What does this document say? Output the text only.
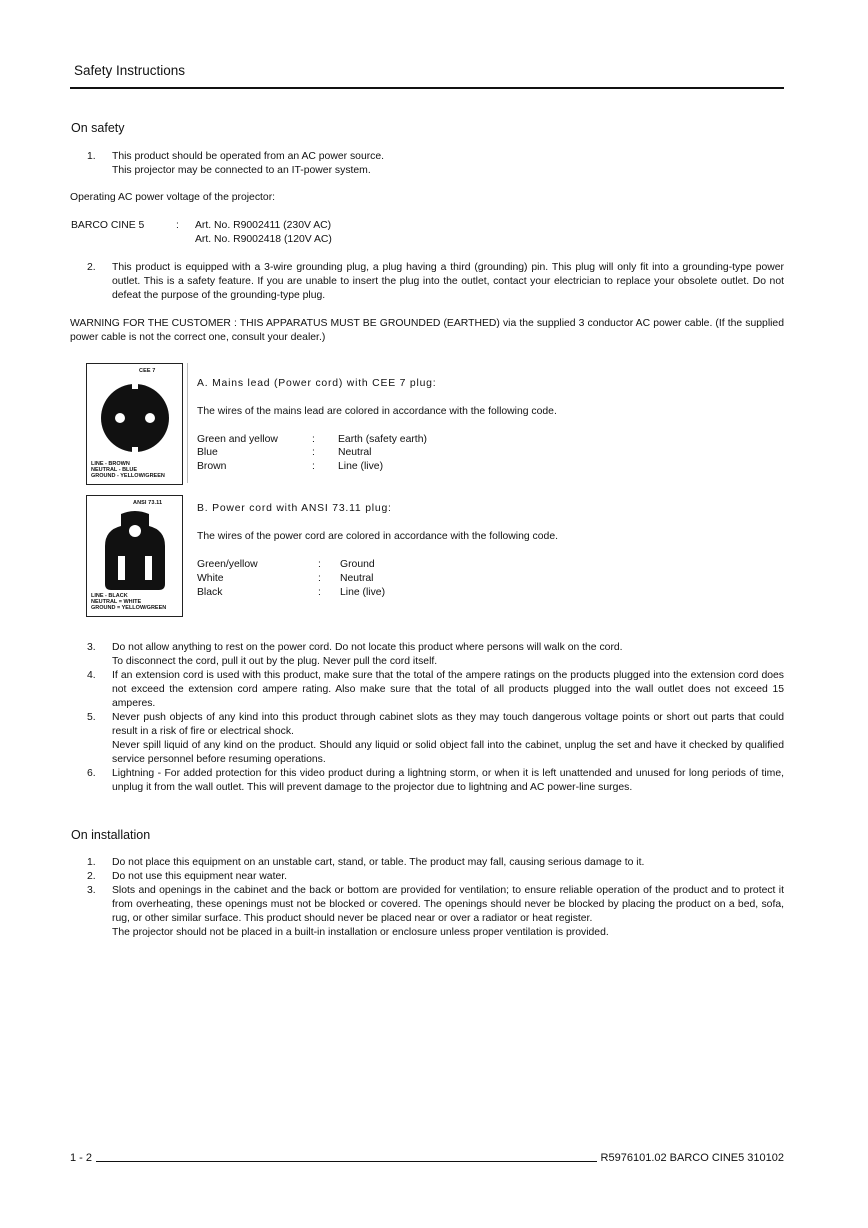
Safety Instructions
On safety
1. This product should be operated from an AC power source.
This projector may be connected to an IT-power system.
Operating AC power voltage of the projector:
BARCO CINE 5	: Art. No. R9002411 (230V AC)
Art. No. R9002418 (120V AC)
2. This product is equipped with a 3-wire grounding plug, a plug having a third (grounding) pin. This plug will only fit into a grounding-type power outlet. This is a safety feature. If you are unable to insert the plug into the outlet, contact your electrician to replace your obsolete outlet. Do not defeat the purpose of the grounding-type plug.
WARNING FOR THE CUSTOMER : THIS APPARATUS MUST BE GROUNDED (EARTHED) via the supplied 3 conductor AC power cable. (If the supplied power cable is not the correct one, consult your dealer.)
CEE 7
LINE - BROWN
NEUTRAL - BLUE
GROUND - YELLOW/GREEN
A. Mains lead (Power cord) with CEE 7 plug:
The wires of the mains lead are colored in accordance with the following code.
Green and yellow	: Earth (safety earth)
Blue	: Neutral
Brown	: Line (live)
ANSI 73.11
LINE - BLACK
NEUTRAL = WHITE
GROUND = YELLOW/GREEN
B. Power cord with ANSI 73.11 plug:
The wires of the power cord are colored in accordance with the following code.
Green/yellow	: Ground
White	: Neutral
Black	: Line (live)
3. Do not allow anything to rest on the power cord. Do not locate this product where persons will walk on the cord.
To disconnect the cord, pull it out by the plug. Never pull the cord itself.
4. If an extension cord is used with this product, make sure that the total of the ampere ratings on the products plugged into the extension cord does not exceed the extension cord ampere rating. Also make sure that the total of all products plugged into the wall outlet does not exceed 15 amperes.
5. Never push objects of any kind into this product through cabinet slots as they may touch dangerous voltage points or short out parts that could result in a risk of fire or electrical shock.
Never spill liquid of any kind on the product. Should any liquid or solid object fall into the cabinet, unplug the set and have it checked by qualified service personnel before resuming operations.
6. Lightning - For added protection for this video product during a lightning storm, or when it is left unattended and unused for long periods of time, unplug it from the wall outlet. This will prevent damage to the projector due to lightning and AC power-line surges.
On installation
1. Do not place this equipment on an unstable cart, stand, or table. The product may fall, causing serious damage to it.
2. Do not use this equipment near water.
3. Slots and openings in the cabinet and the back or bottom are provided for ventilation; to ensure reliable operation of the product and to protect it from overheating, these openings must not be blocked or covered. The openings should never be blocked by placing the product on a bed, sofa, rug, or other similar surface. This product should never be placed near or over a radiator or heat register.
The projector should not be placed in a built-in installation or enclosure unless proper ventilation is provided.
1 - 2	R5976101.02 BARCO CINE5 310102
